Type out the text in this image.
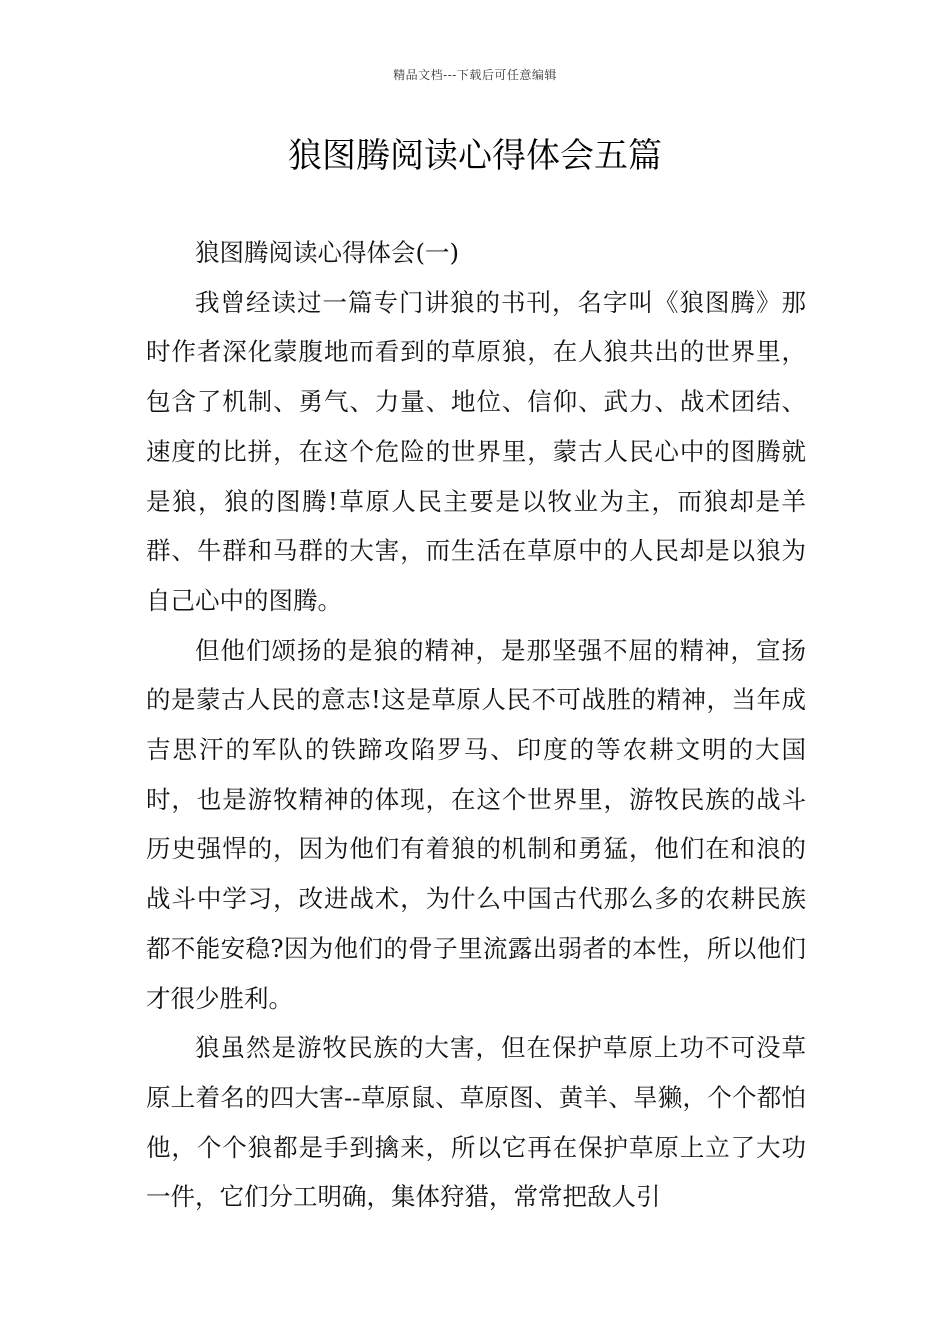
精品文档---下载后可任意编辑
狼图腾阅读心得体会五篇

狼图腾阅读心得体会(一)

我曾经读过一篇专门讲狼的书刊，名字叫《狼图腾》那时作者深化蒙腹地而看到的草原狼，在人狼共出的世界里，包含了机制、勇气、力量、地位、信仰、武力、战术团结、速度的比拼，在这个危险的世界里，蒙古人民心中的图腾就是狼，狼的图腾!草原人民主要是以牧业为主，而狼却是羊群、牛群和马群的大害，而生活在草原中的人民却是以狼为自己心中的图腾。

但他们颂扬的是狼的精神，是那坚强不屈的精神，宣扬的是蒙古人民的意志!这是草原人民不可战胜的精神，当年成吉思汗的军队的铁蹄攻陷罗马、印度的等农耕文明的大国时，也是游牧精神的体现，在这个世界里，游牧民族的战斗历史强悍的，因为他们有着狼的机制和勇猛，他们在和浪的战斗中学习，改进战术，为什么中国古代那么多的农耕民族都不能安稳?因为他们的骨子里流露出弱者的本性，所以他们才很少胜利。

狼虽然是游牧民族的大害，但在保护草原上功不可没草原上着名的四大害--草原鼠、草原图、黄羊、旱獭，个个都怕他，个个狼都是手到擒来，所以它再在保护草原上立了大功一件，它们分工明确，集体狩猎，常常把敌人引
